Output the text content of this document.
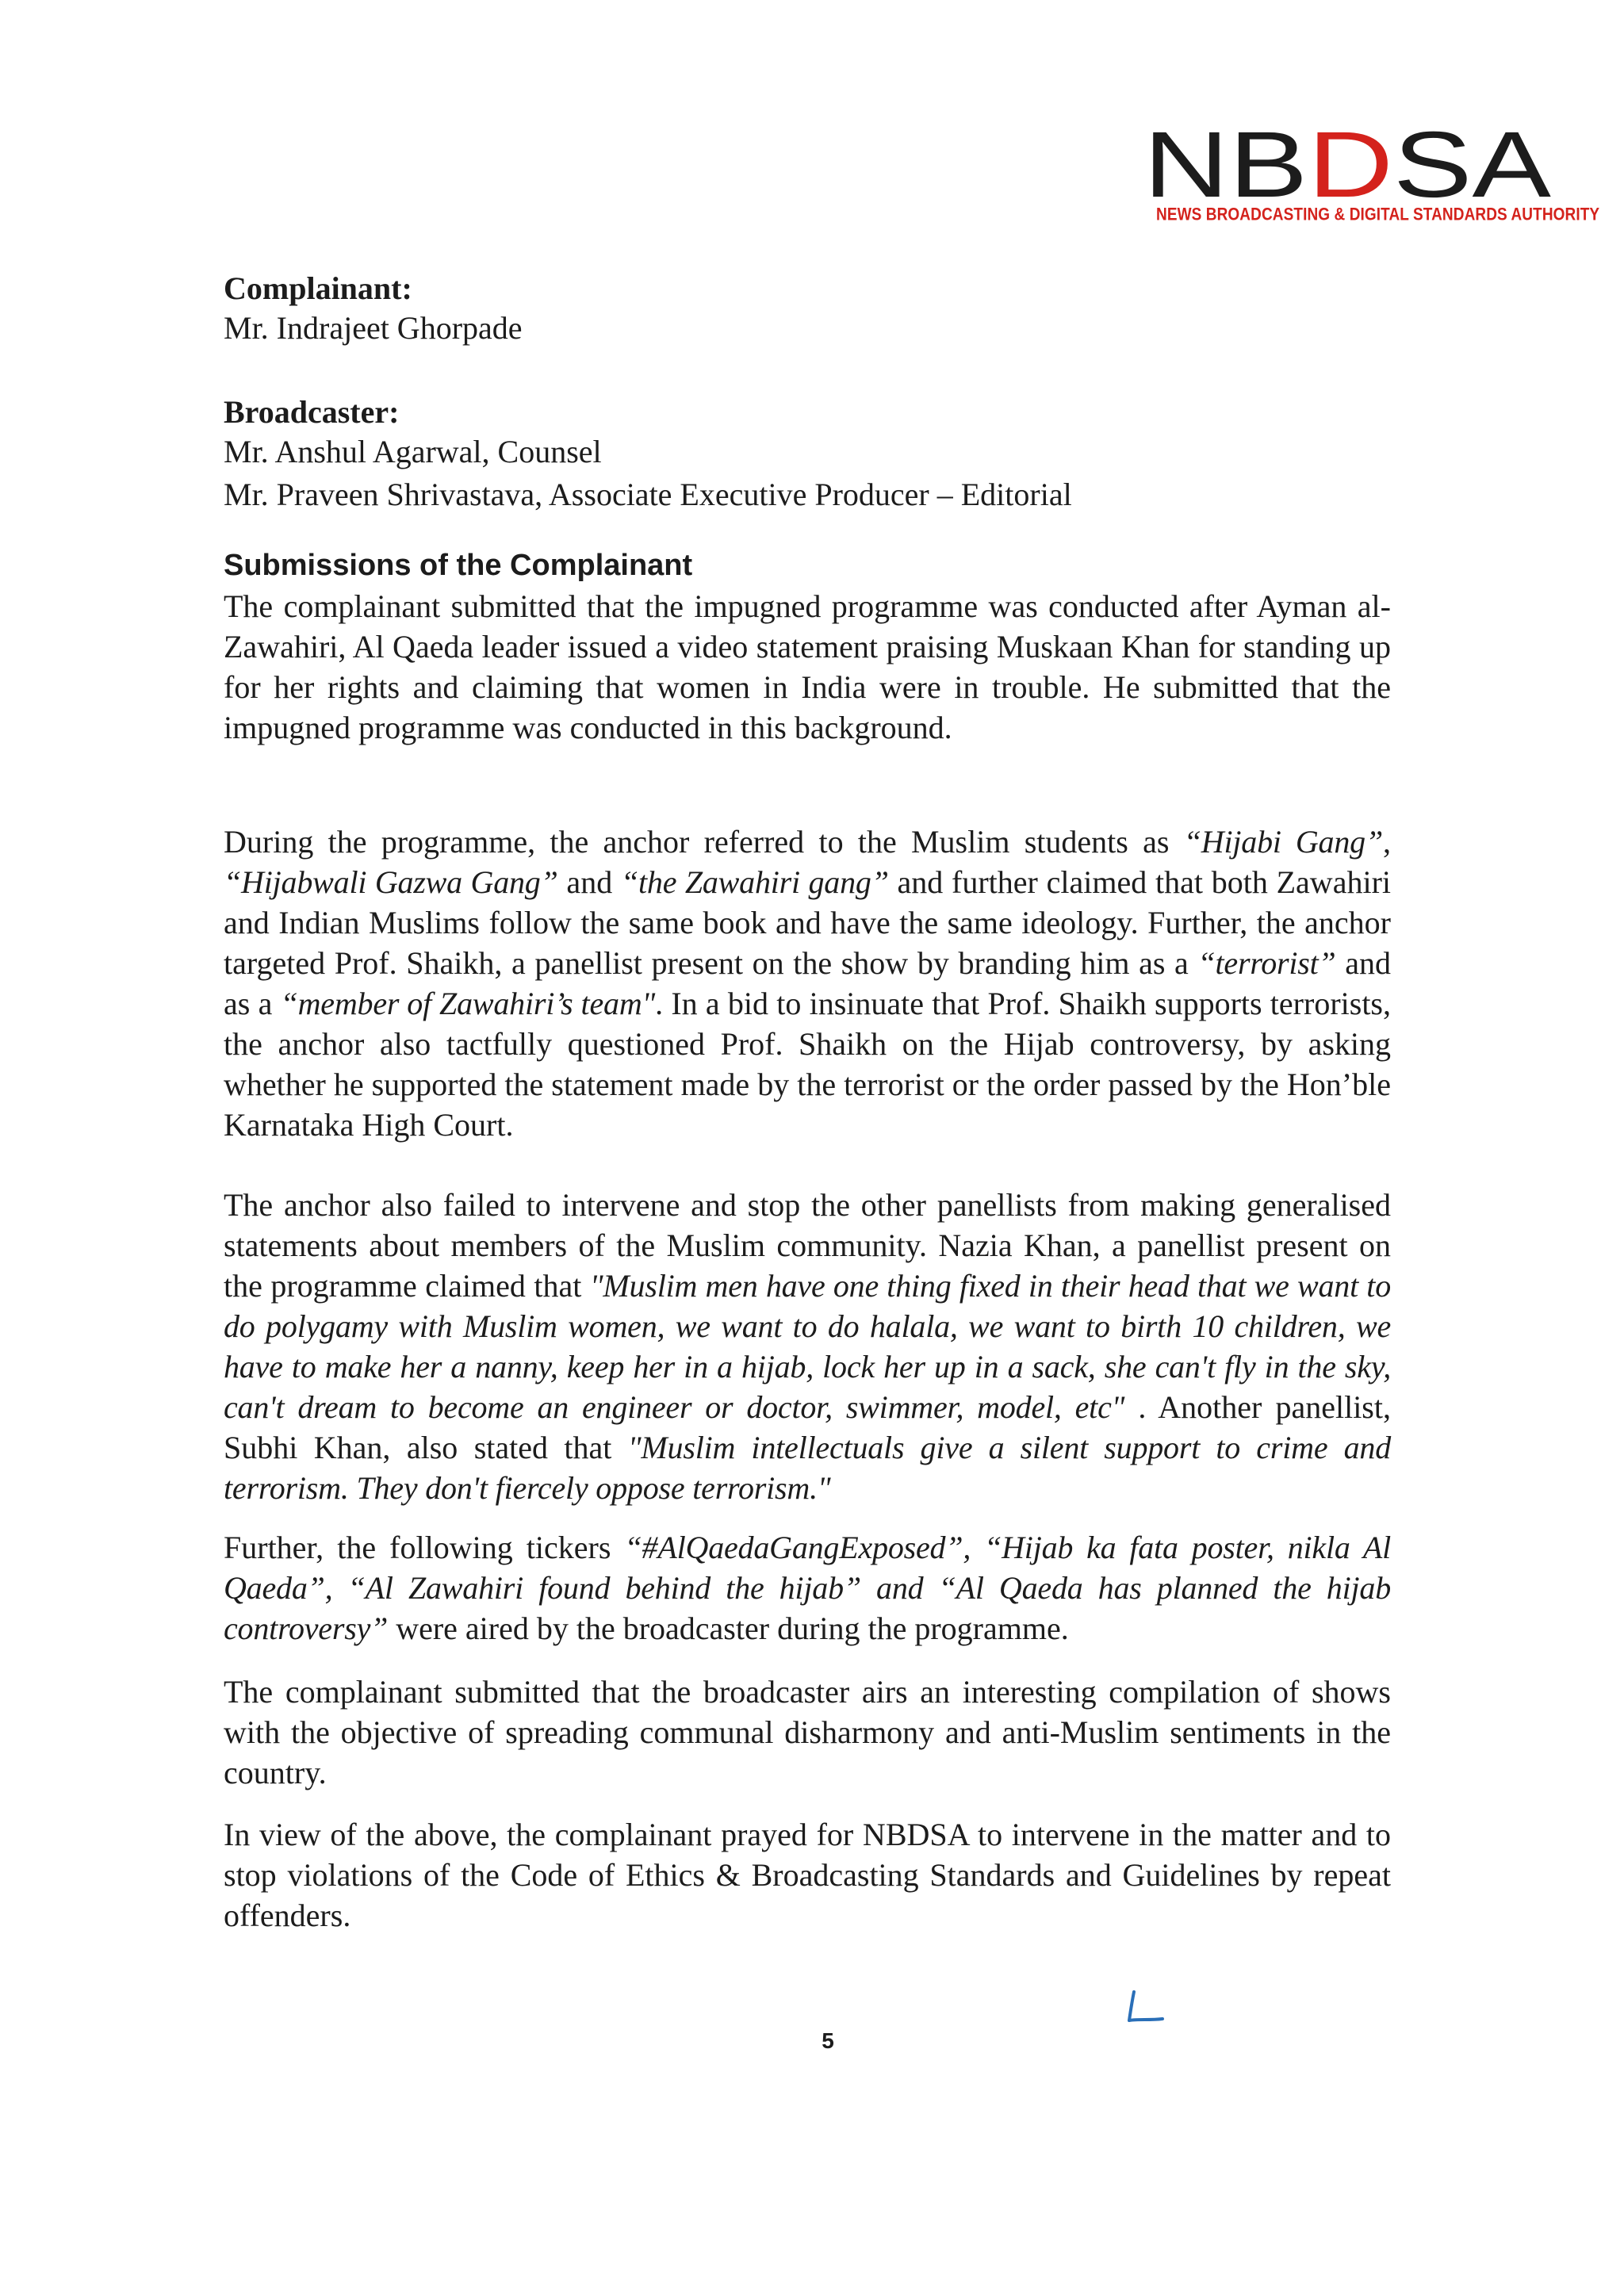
NB D SA
NEWS BROADCASTING & DIGITAL STANDARDS AUTHORITY

Complainant:

Mr. Indrajeet Ghorpade

Broadcaster:

Mr. Anshul Agarwal, Counsel

Mr. Praveen Shrivastava, Associate Executive Producer – Editorial

Submissions of the Complainant

The complainant submitted that the impugned programme was conducted after Ayman al-Zawahiri, Al Qaeda leader issued a video statement praising Muskaan Khan for standing up for her rights and claiming that women in India were in trouble. He submitted that the impugned programme was conducted in this background.

During the programme, the anchor referred to the Muslim students as “Hijabi Gang”, “Hijabwali Gazwa Gang” and “the Zawahiri gang” and further claimed that both Zawahiri and Indian Muslims follow the same book and have the same ideology. Further, the anchor targeted Prof. Shaikh, a panellist present on the show by branding him as a “terrorist” and as a “member of Zawahiri’s team". In a bid to insinuate that Prof. Shaikh supports terrorists, the anchor also tactfully questioned Prof. Shaikh on the Hijab controversy, by asking whether he supported the statement made by the terrorist or the order passed by the Hon’ble Karnataka High Court.

The anchor also failed to intervene and stop the other panellists from making generalised statements about members of the Muslim community. Nazia Khan, a panellist present on the programme claimed that "Muslim men have one thing fixed in their head that we want to do polygamy with Muslim women, we want to do halala, we want to birth 10 children, we have to make her a nanny, keep her in a hijab, lock her up in a sack, she can't fly in the sky, can't dream to become an engineer or doctor, swimmer, model, etc" . Another panellist, Subhi Khan, also stated that "Muslim intellectuals give a silent support to crime and terrorism. They don't fiercely oppose terrorism."

Further, the following tickers “#AlQaedaGangExposed”, “Hijab ka fata poster, nikla Al Qaeda”, “Al Zawahiri found behind the hijab” and “Al Qaeda has planned the hijab controversy” were aired by the broadcaster during the programme.

The complainant submitted that the broadcaster airs an interesting compilation of shows with the objective of spreading communal disharmony and anti-Muslim sentiments in the country.

In view of the above, the complainant prayed for NBDSA to intervene in the matter and to stop violations of the Code of Ethics & Broadcasting Standards and Guidelines by repeat offenders.

5
